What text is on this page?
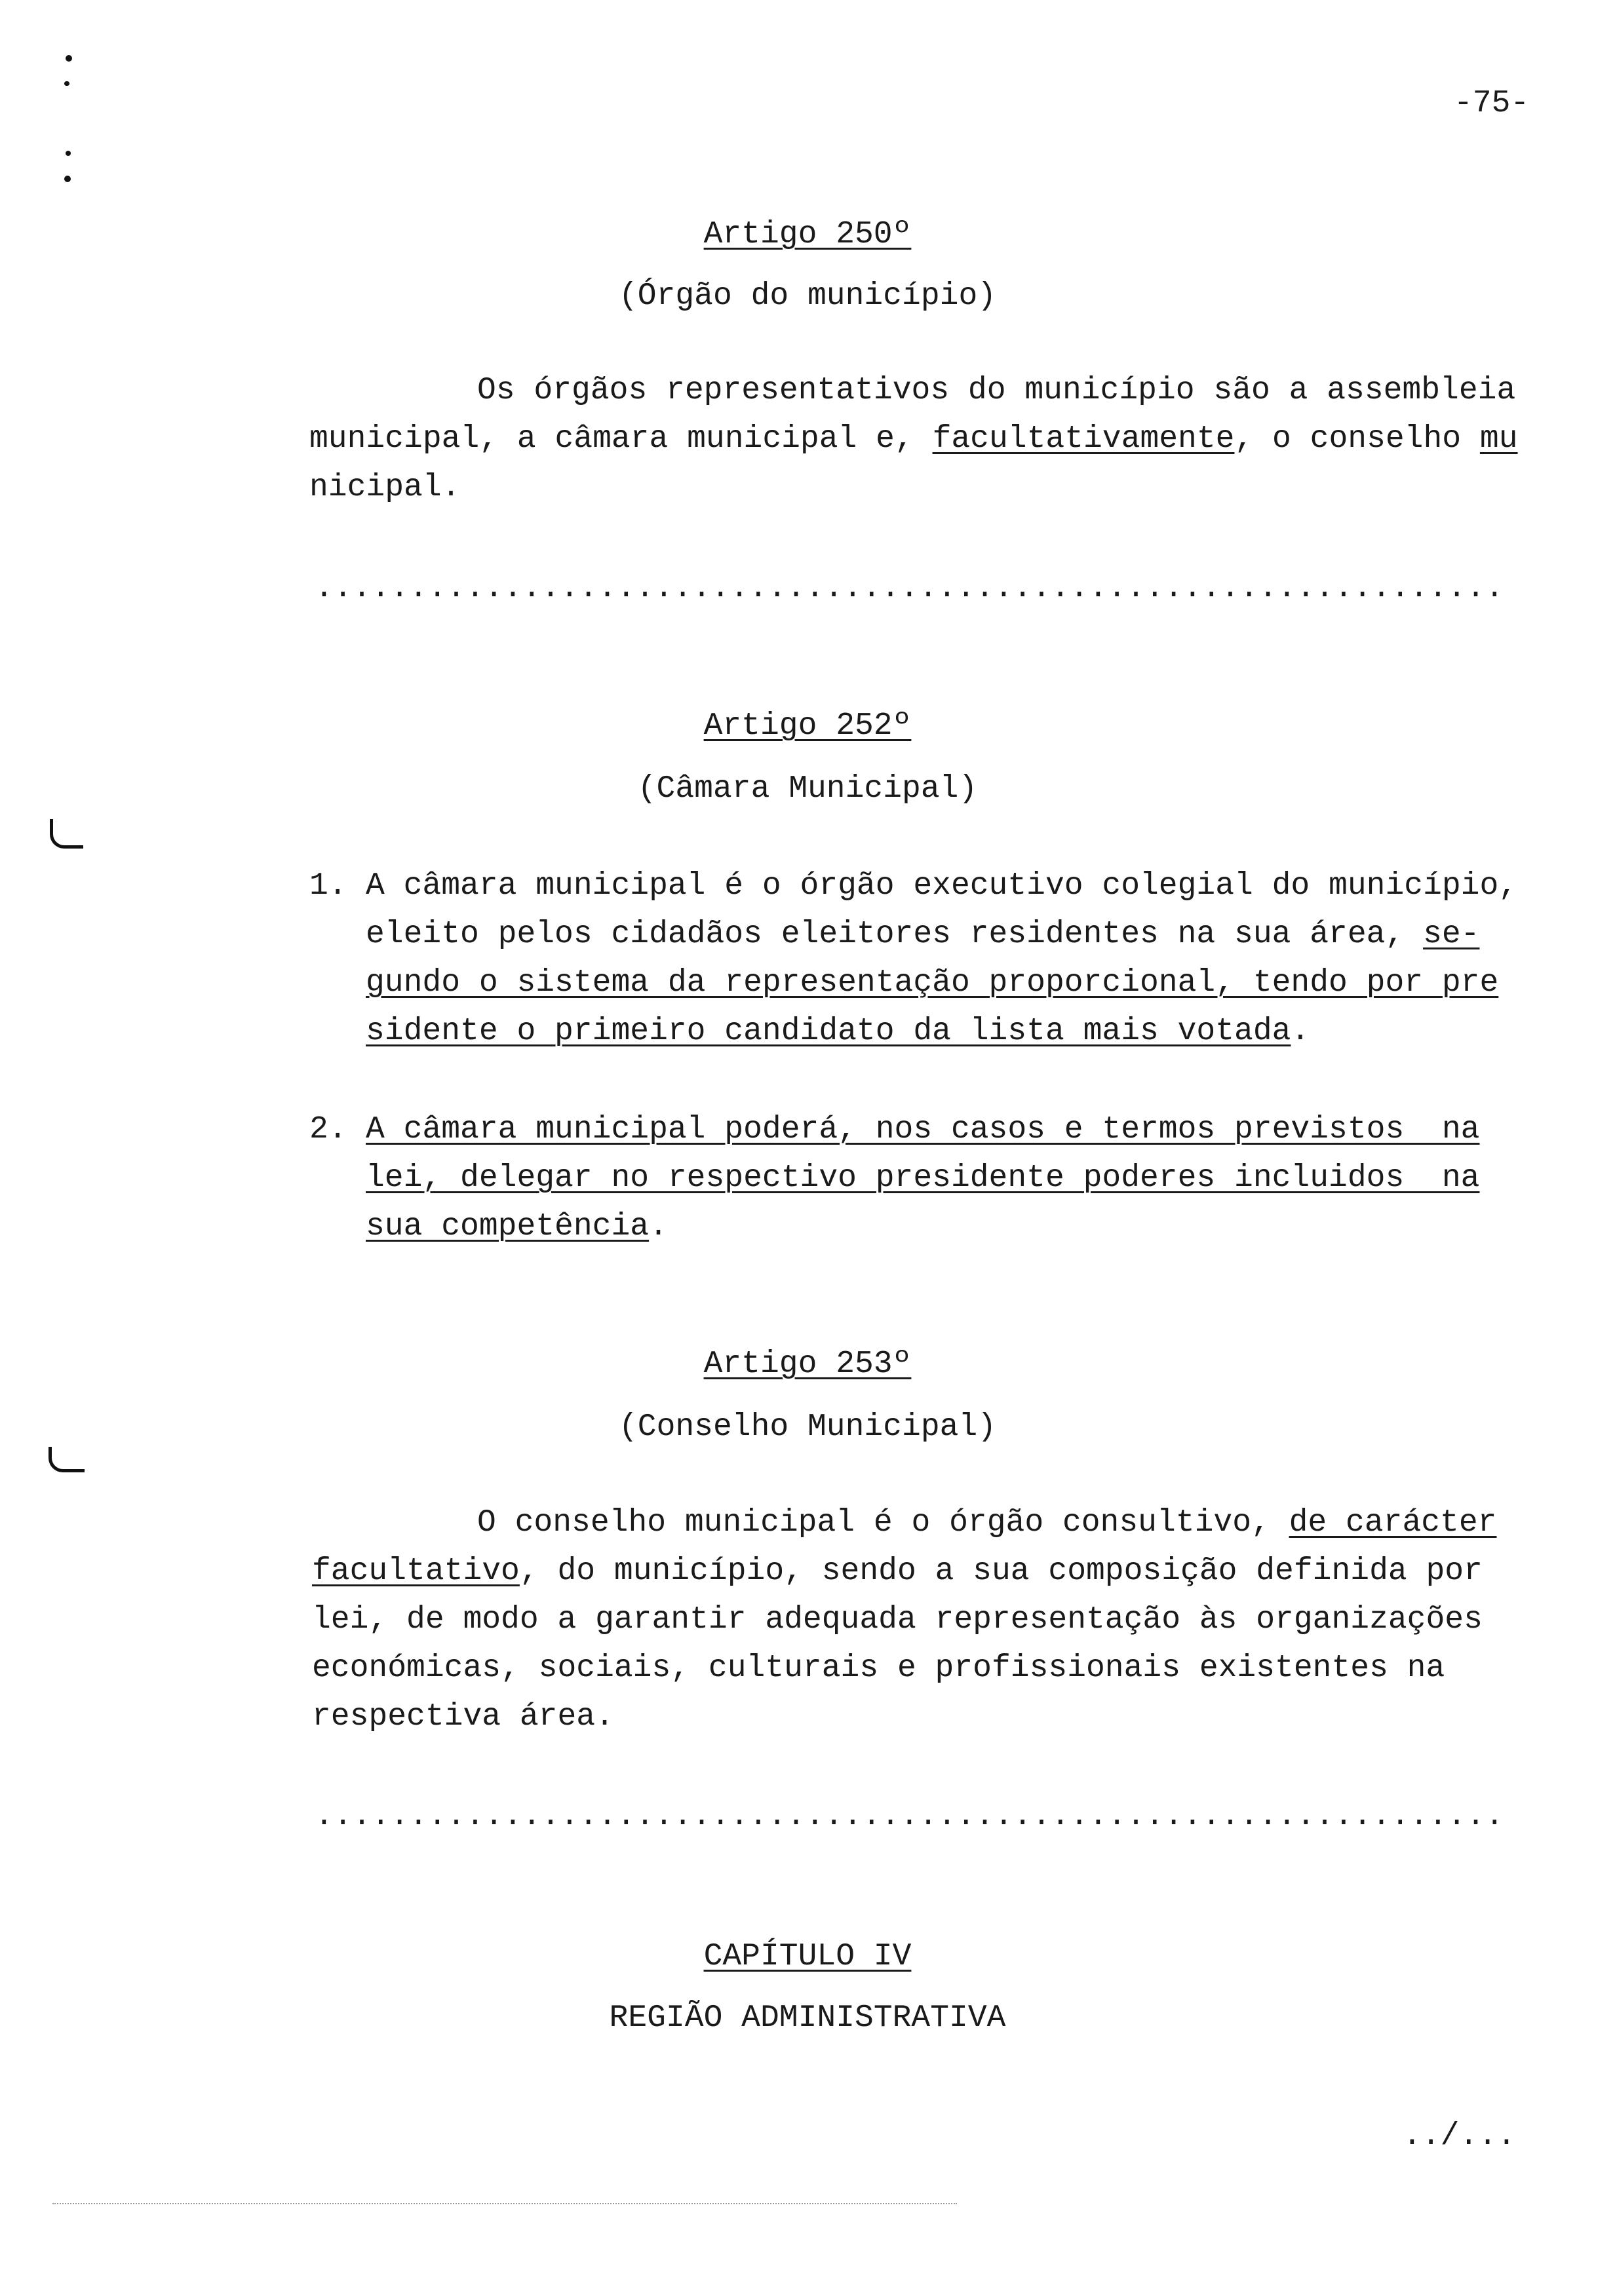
-75-
Artigo 250º
(Órgão do município)
Os órgãos representativos do município são a assembleia
municipal, a câmara municipal e, facultativamente, o conselho mu
nicipal.
...............................................................
Artigo 252º
(Câmara Municipal)
1. A câmara municipal é o órgão executivo colegial do município,
eleito pelos cidadãos eleitores residentes na sua área, se-
gundo o sistema da representação proporcional, tendo por pre
sidente o primeiro candidato da lista mais votada.
2. A câmara municipal poderá, nos casos e termos previstos  na
lei, delegar no respectivo presidente poderes incluidos  na
sua competência.
Artigo 253º
(Conselho Municipal)
O conselho municipal é o órgão consultivo, de carácter
facultativo, do município, sendo a sua composição definida por
lei, de modo a garantir adequada representação às organizações
económicas, sociais, culturais e profissionais existentes na
respectiva área.
...............................................................
CAPÍTULO IV
REGIÃO ADMINISTRATIVA
../...
